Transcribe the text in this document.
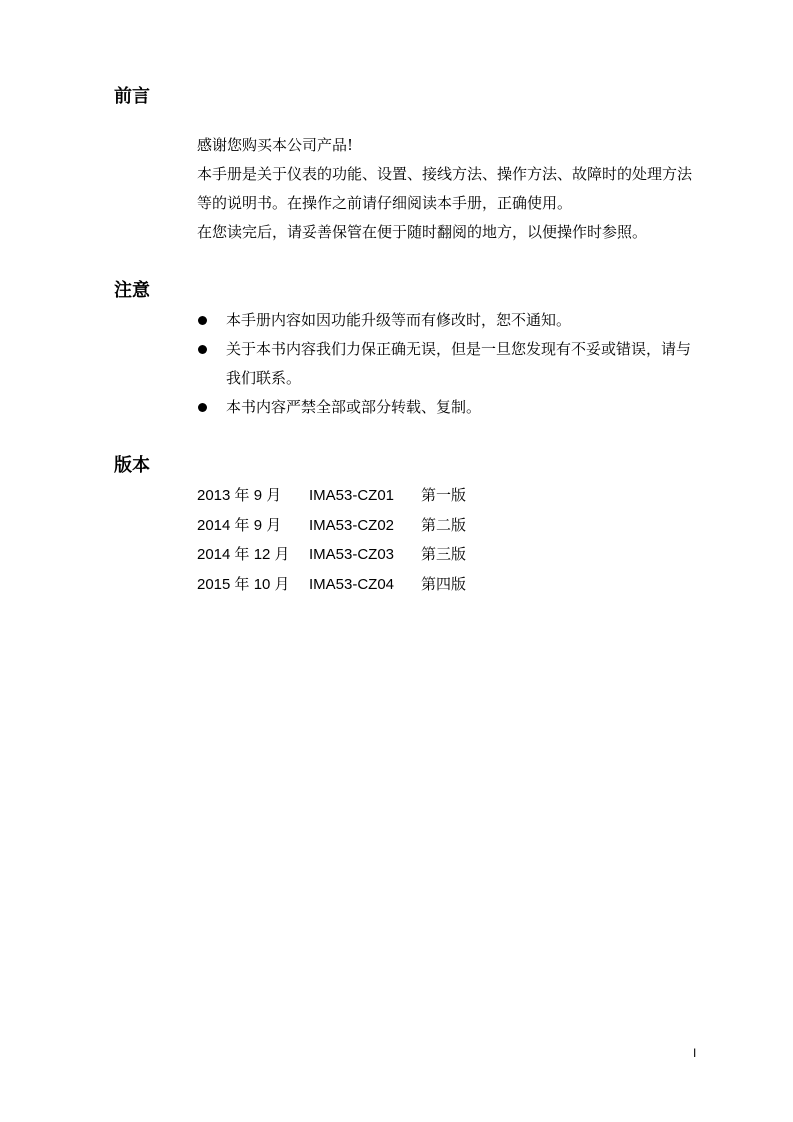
前言

感谢您购买本公司产品!

本手册是关于仪表的功能、设置、接线方法、操作方法、故障时的处理方法等的说明书。在操作之前请仔细阅读本手册，正确使用。

在您读完后，请妥善保管在便于随时翻阅的地方，以便操作时参照。

注意
本手册内容如因功能升级等而有修改时，恕不通知。
关于本书内容我们力保正确无误，但是一旦您发现有不妥或错误，请与我们联系。
本书内容严禁全部或部分转载、复制。
版本
2013 年 9 月 IMA53-CZ01 第一版
2014 年 9 月 IMA53-CZ02 第二版
2014 年 12 月 IMA53-CZ03 第三版
2015 年 10 月 IMA53-CZ04 第四版
I
